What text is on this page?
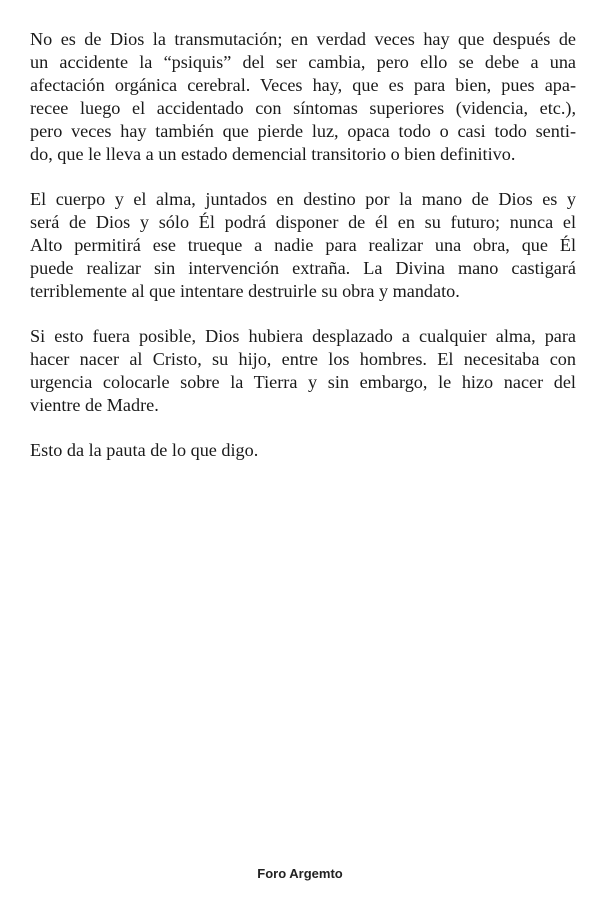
No es de Dios la transmutación; en verdad veces hay que después de
un accidente la “psiquis” del ser cambia, pero ello se debe a una
afectación orgánica cerebral. Veces hay, que es para bien, pues apa-
recee luego el accidentado con síntomas superiores (videncia, etc.),
pero veces hay también que pierde luz, opaca todo o casi todo senti-
do, que le lleva a un estado demencial transitorio o bien definitivo.

El cuerpo y el alma, juntados en destino por la mano de Dios es y
será de Dios y sólo Él podrá disponer de él en su futuro; nunca el
Alto permitirá ese trueque a nadie para realizar una obra, que Él
puede realizar sin intervención extraña. La Divina mano castigará
terriblemente al que intentare destruirle su obra y mandato.

Si esto fuera posible, Dios hubiera desplazado a cualquier alma, para
hacer nacer al Cristo, su hijo, entre los hombres. El necesitaba con
urgencia colocarle sobre la Tierra y sin embargo, le hizo nacer del
vientre de Madre.

Esto da la pauta de lo que digo.

Foro Argemto
